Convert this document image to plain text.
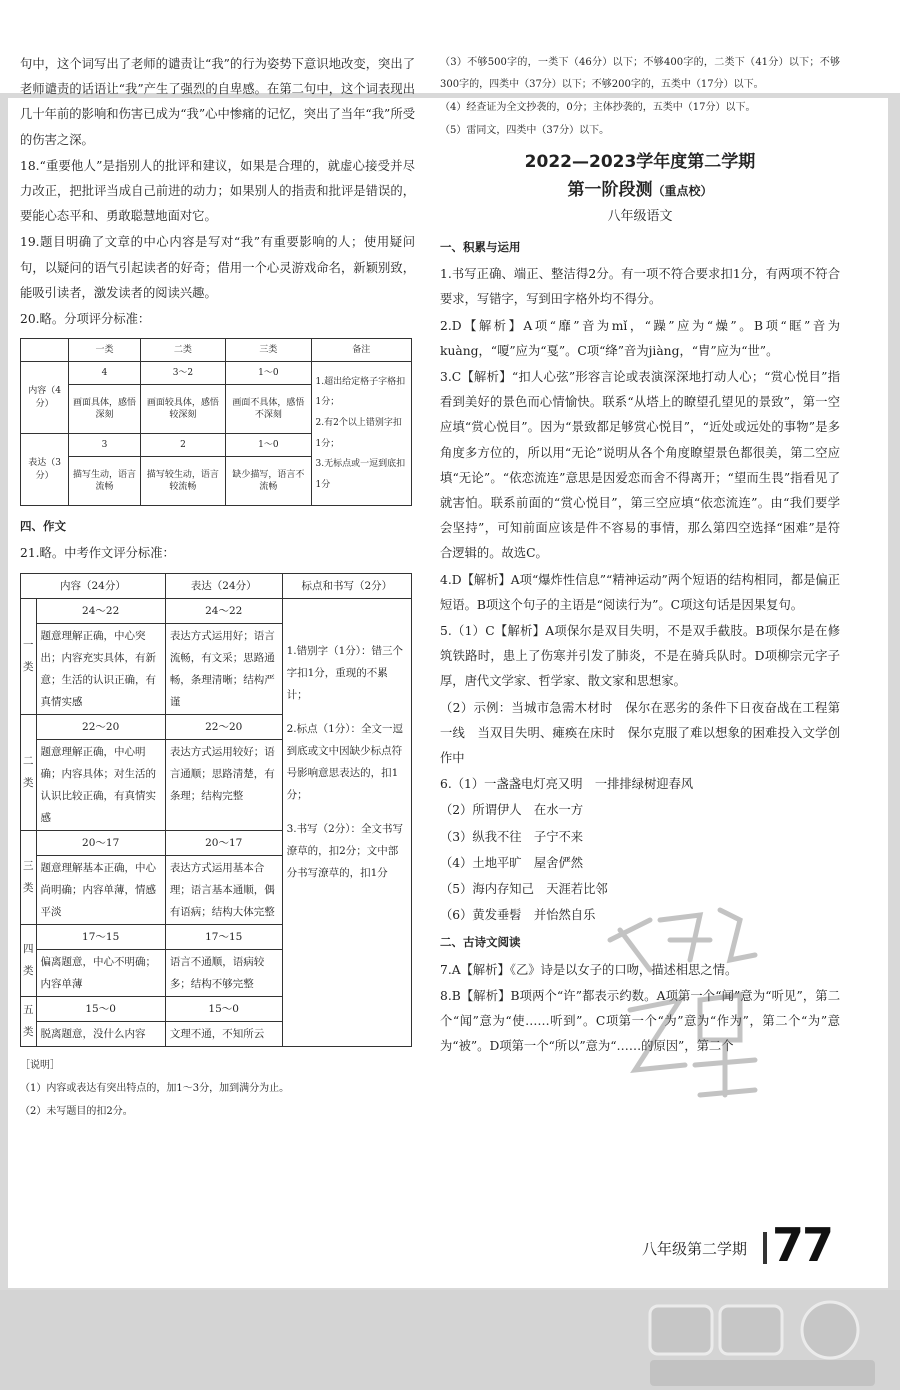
句中，这个词写出了老师的谴责让“我”的行为姿势下意识地改变，突出了老师谴责的话语让“我”产生了强烈的自卑感。在第二句中，这个词表现出几十年前的影响和伤害已成为“我”心中惨痛的记忆，突出了当年“我”所受的伤害之深。

18.“重要他人”是指别人的批评和建议，如果是合理的，就虚心接受并尽力改正，把批评当成自己前进的动力；如果别人的指责和批评是错误的，要能心态平和、勇敢聪慧地面对它。

19.题目明确了文章的中心内容是写对“我”有重要影响的人；使用疑问句，以疑问的语气引起读者的好奇；借用一个心灵游戏命名，新颖别致，能吸引读者，激发读者的阅读兴趣。

20.略。分项评分标准：

	一类	二类	三类	备注
内容（4分）	4	3～2	1～0	1.超出给定格子字格扣1分；
2.有2个以上错别字扣1分；
3.无标点或一逗到底扣1分

	画面具体，感悟深刻	画面较具体，感悟较深刻	画面不具体，感悟不深刻	
表达（3分）	3	2	1～0	
	描写生动，语言流畅	描写较生动，语言较流畅	缺少描写，语言不流畅	

四、作文

21.略。中考作文评分标准：

内容（24分）		表达（24分）	标点和书写（2分）
一类	24～22	24～22	1.错别字（1分）：错三个字扣1分，重现的不累计；
2.标点（1分）：全文一逗到底或文中因缺少标点符号影响意思表达的，扣1分；
3.书写（2分）：全文书写潦草的，扣2分；文中部分书写潦草的，扣1分

	题意理解正确，中心突出；内容充实具体，有新意；生活的认识正确，有真情实感	表达方式运用好；语言流畅，有文采；思路通畅，条理清晰；结构严谨	
二类	22～20	22～20	
	题意理解正确，中心明确；内容具体；对生活的认识比较正确，有真情实感	表达方式运用较好；语言通顺；思路清楚，有条理；结构完整	
三类	20～17	20～17	
	题意理解基本正确，中心尚明确；内容单薄，情感平淡	表达方式运用基本合理；语言基本通顺，偶有语病；结构大体完整	
四类	17～15	17～15	
	偏离题意，中心不明确；内容单薄	语言不通顺，语病较多；结构不够完整	
五类	15～0	15～0	
	脱离题意，没什么内容	文理不通，不知所云	

［说明］

（1）内容或表达有突出特点的，加1～3分，加到满分为止。

（2）未写题目的扣2分。

（3）不够500字的，一类下（46分）以下；不够400字的，二类下（41分）以下；不够300字的，四类中（37分）以下；不够200字的，五类中（17分）以下。

（4）经查证为全文抄袭的，0分；主体抄袭的，五类中（17分）以下。

（5）雷同文，四类中（37分）以下。

2022—2023学年度第二学期
第一阶段测（重点校）
八年级语文

一、积累与运用

1.书写正确、端正、整洁得2分。有一项不符合要求扣1分，有两项不符合要求，写错字，写到田字格外均不得分。

2.D【解析】A项“靡”音为mǐ，“躁”应为“燥”。B项“眶”音为kuàng，“嗄”应为“戛”。C项“绛”音为jiàng，“胄”应为“世”。

3.C【解析】“扣人心弦”形容言论或表演深深地打动人心；“赏心悦目”指看到美好的景色而心情愉快。联系“从塔上的瞭望孔望见的景致”，第一空应填“赏心悦目”。因为“景致都足够赏心悦目”，“近处或远处的事物”是多角度多方位的，所以用“无论”说明从各个角度瞭望景色都很美，第二空应填“无论”。“依恋流连”意思是因爱恋而舍不得离开；“望而生畏”指看见了就害怕。联系前面的“赏心悦目”，第三空应填“依恋流连”。由“我们要学会坚持”，可知前面应该是件不容易的事情，那么第四空选择“困难”是符合逻辑的。故选C。

4.D【解析】A项“爆炸性信息”“精神运动”两个短语的结构相同，都是偏正短语。B项这个句子的主语是“阅读行为”。C项这句话是因果复句。

5.（1）C【解析】A项保尔是双目失明，不是双手截肢。B项保尔是在修筑铁路时，患上了伤寒并引发了肺炎，不是在骑兵队时。D项柳宗元字子厚，唐代文学家、哲学家、散文家和思想家。

（2）示例：当城市急需木材时　保尔在恶劣的条件下日夜奋战在工程第一线　当双目失明、瘫痪在床时　保尔克服了难以想象的困难投入文学创作中

6.（1）一盏盏电灯亮又明　一排排绿树迎春风

（2）所谓伊人　在水一方

（3）纵我不往　子宁不来

（4）土地平旷　屋舍俨然

（5）海内存知己　天涯若比邻

（6）黄发垂髫　并怡然自乐

二、古诗文阅读

7.A【解析】《乙》诗是以女子的口吻，描述相思之情。

8.B【解析】B项两个“许”都表示约数。A项第一个“闻”意为“听见”，第二个“闻”意为“使……听到”。C项第一个“为”意为“作为”，第二个“为”意为“被”。D项第一个“所以”意为“……的原因”，第二个

八年级第二学期 77
